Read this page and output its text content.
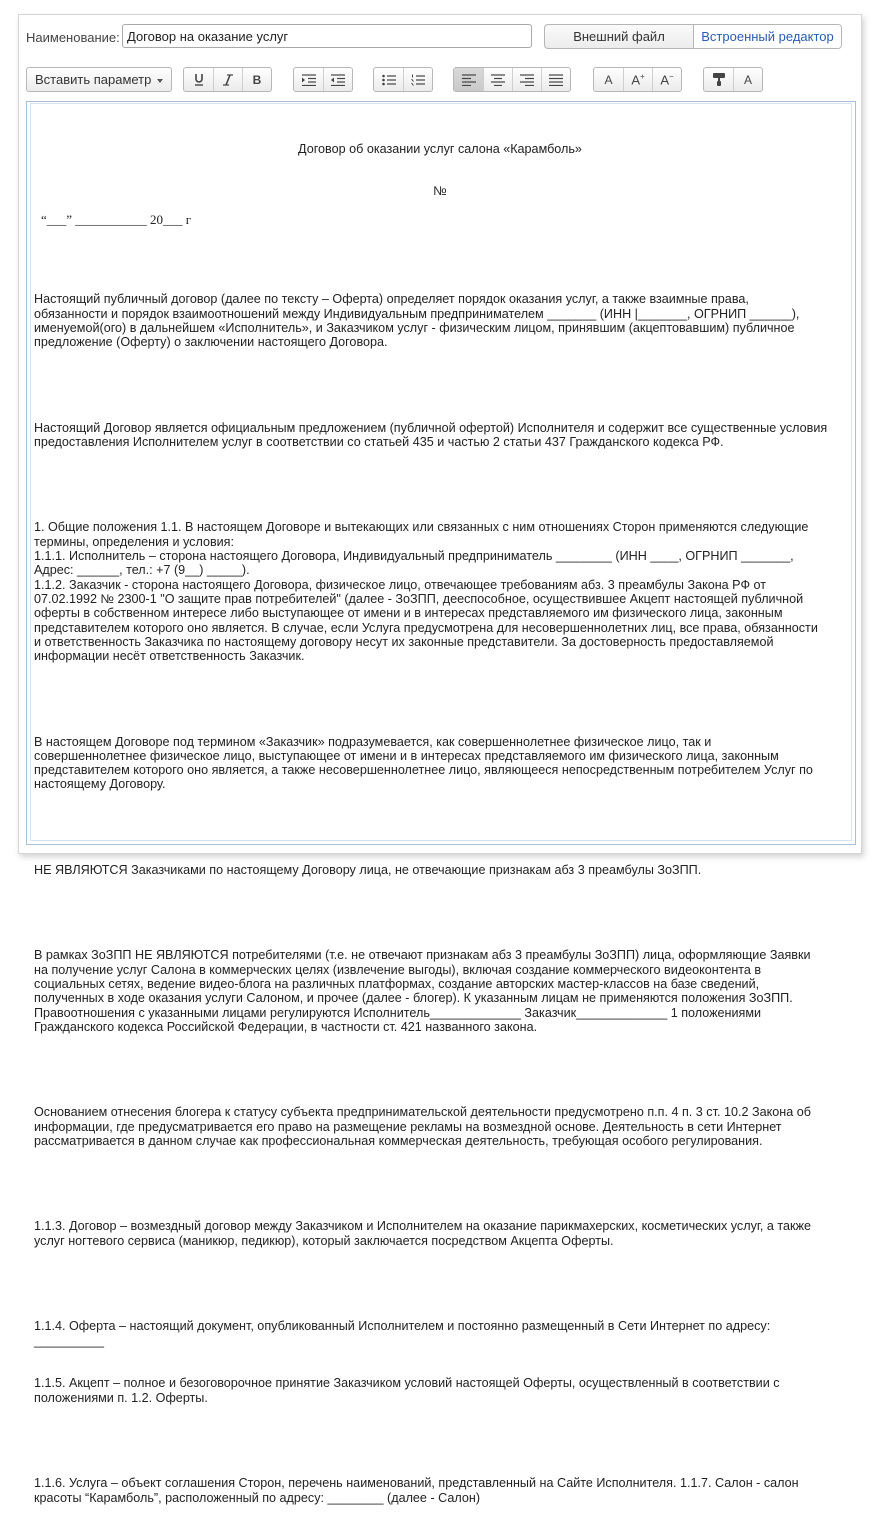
Наименование:
Договор на оказание услуг	Внешний файл	Встроенный редактор
Вставить параметр	B	A A+ A−	A

Договор об оказании услуг салона «Карамболь»

№

“___” ___________ 20___ г

Настоящий публичный договор (далее по тексту – Оферта) определяет порядок оказания услуг, а также взаимные права,
обязанности и порядок взаимоотношений между Индивидуальным предпринимателем _______ (ИНН |_______, ОГРНИП ______),
именуемой(ого) в дальнейшем «Исполнитель», и Заказчиком услуг - физическим лицом, принявшим (акцептовавшим) публичное
предложение (Оферту) о заключении настоящего Договора.

Настоящий Договор является официальным предложением (публичной офертой) Исполнителя и содержит все существенные условия
предоставления Исполнителем услуг в соответствии со статьей 435 и частью 2 статьи 437 Гражданского кодекса РФ.

1. Общие положения 1.1. В настоящем Договоре и вытекающих или связанных с ним отношениях Сторон применяются следующие
термины, определения и условия:
1.1.1. Исполнитель – сторона настоящего Договора, Индивидуальный предприниматель ________ (ИНН ____, ОГРНИП _______,
Адрес: ______, тел.: +7 (9__) _____).
1.1.2. Заказчик - сторона настоящего Договора, физическое лицо, отвечающее требованиям абз. 3 преамбулы Закона РФ от
07.02.1992 № 2300-1 "О защите прав потребителей" (далее - ЗоЗПП, дееспособное, осуществившее Акцепт настоящей публичной
оферты в собственном интересе либо выступающее от имени и в интересах представляемого им физического лица, законным
представителем которого оно является. В случае, если Услуга предусмотрена для несовершеннолетних лиц, все права, обязанности
и ответственность Заказчика по настоящему договору несут их законные представители. За достоверность предоставляемой
информации несёт ответственность Заказчик.

В настоящем Договоре под термином «Заказчик» подразумевается, как совершеннолетнее физическое лицо, так и
совершеннолетнее физическое лицо, выступающее от имени и в интересах представляемого им физического лица, законным
представителем которого оно является, а также несовершеннолетнее лицо, являющееся непосредственным потребителем Услуг по
настоящему Договору.

НЕ ЯВЛЯЮТСЯ Заказчиками по настоящему Договору лица, не отвечающие признакам абз 3 преамбулы ЗоЗПП.

В рамках ЗоЗПП НЕ ЯВЛЯЮТСЯ потребителями (т.е. не отвечают признакам абз 3 преамбулы ЗоЗПП) лица, оформляющие Заявки
на получение услуг Салона в коммерческих целях (извлечение выгоды), включая создание коммерческого видеоконтента в
социальных сетях, ведение видео-блога на различных платформах, создание авторских мастер-классов на базе сведений,
полученных в ходе оказания услуги Салоном, и прочее (далее - блогер). К указанным лицам не применяются положения ЗоЗПП.
Правоотношения с указанными лицами регулируются Исполнитель_____________ Заказчик_____________ 1 положениями
Гражданского кодекса Российской Федерации, в частности ст. 421 названного закона.

Основанием отнесения блогера к статусу субъекта предпринимательской деятельности предусмотрено п.п. 4 п. 3 ст. 10.2 Закона об
информации, где предусматривается его право на размещение рекламы на возмездной основе. Деятельность в сети Интернет
рассматривается в данном случае как профессиональная коммерческая деятельность, требующая особого регулирования.

1.1.3. Договор – возмездный договор между Заказчиком и Исполнителем на оказание парикмахерских, косметических услуг, а также
услуг ногтевого сервиса (маникюр, педикюр), который заключается посредством Акцепта Оферты.

1.1.4. Оферта – настоящий документ, опубликованный Исполнителем и постоянно размещенный в Сети Интернет по адресу:
__________

1.1.5. Акцепт – полное и безоговорочное принятие Заказчиком условий настоящей Оферты, осуществленный в соответствии с
положениями п. 1.2. Оферты.

1.1.6. Услуга – объект соглашения Сторон, перечень наименований, представленный на Сайте Исполнителя. 1.1.7. Салон - салон
красоты “Карамболь”, расположенный по адресу: ________ (далее - Салон)
